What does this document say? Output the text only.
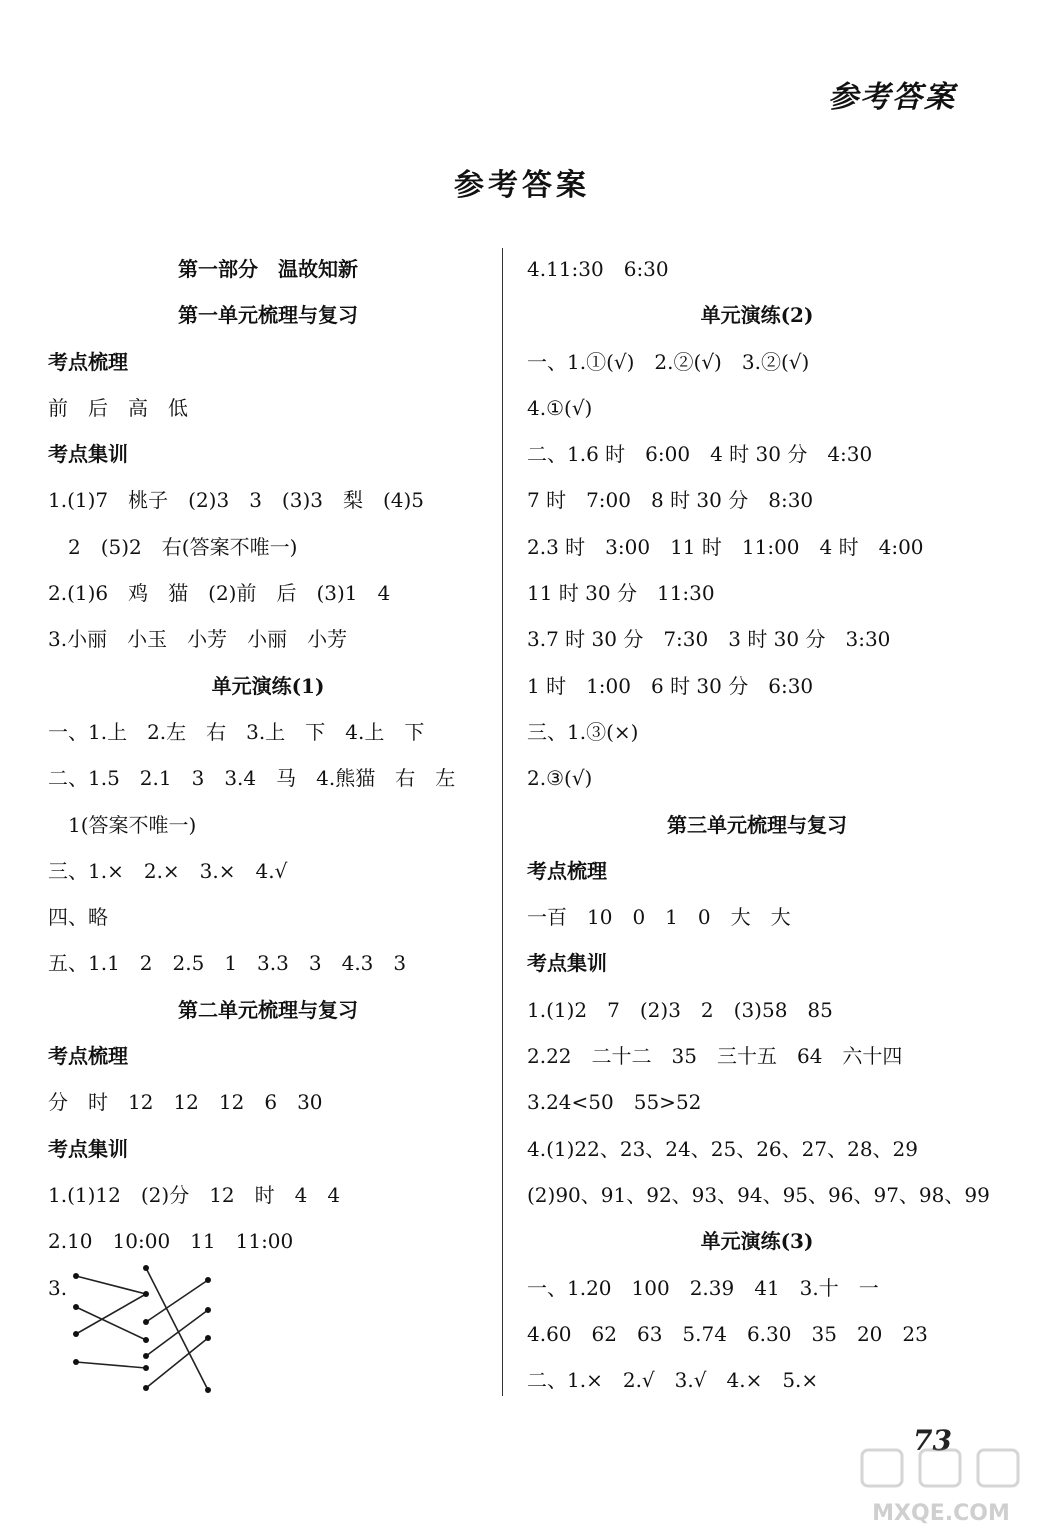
参考答案
参考答案
第一部分　温故知新
第一单元梳理与复习
考点梳理
前　后　高　低
考点集训
1.(1)7　桃子　(2)3　3　(3)3　梨　(4)5
2　(5)2　右(答案不唯一)
2.(1)6　鸡　猫　(2)前　后　(3)1　4
3.小丽　小玉　小芳　小丽　小芳
单元演练(1)
一、1.上　2.左　右　3.上　下　4.上　下
二、1.5　2.1　3　3.4　马　4.熊猫　右　左
1(答案不唯一)
三、1.×　2.×　3.×　4.√
四、略
五、1.1　2　2.5　1　3.3　3　4.3　3
第二单元梳理与复习
考点梳理
分　时　12　12　12　6　30
考点集训
1.(1)12　(2)分　12　时　4　4
2.10　10:00　11　11:00
3.
4.11:30　6:30
单元演练(2)
一、1.①(√)　2.②(√)　3.②(√)
4.①(√)
二、1.6 时　6:00　4 时 30 分　4:30
7 时　7:00　8 时 30 分　8:30
2.3 时　3:00　11 时　11:00　4 时　4:00
11 时 30 分　11:30
3.7 时 30 分　7:30　3 时 30 分　3:30
1 时　1:00　6 时 30 分　6:30
三、1.③(×)
2.③(√)
第三单元梳理与复习
考点梳理
一百　10　0　1　0　大　大
考点集训
1.(1)2　7　(2)3　2　(3)58　85
2.22　二十二　35　三十五　64　六十四
3.24<50　55>52
4.(1)22、23、24、25、26、27、28、29
(2)90、91、92、93、94、95、96、97、98、99
单元演练(3)
一、1.20　100　2.39　41　3.十　一
4.60　62　63　5.74　6.30　35　20　23
二、1.×　2.√　3.√　4.×　5.×
73
MXQE.COM
